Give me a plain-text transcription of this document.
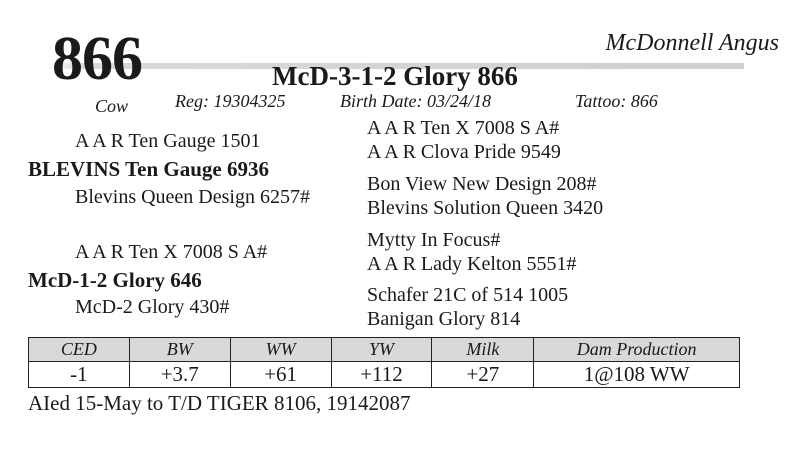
866	McDonnell Angus
McD-3-1-2 Glory 866
Cow	Reg: 19304325	Birth Date: 03/24/18	Tattoo: 866
A A R Ten Gauge 1501
BLEVINS Ten Gauge 6936
Blevins Queen Design 6257#
A A R Ten X 7008 S A#
A A R Clova Pride 9549
Bon View New Design 208#
Blevins Solution Queen 3420
A A R Ten X 7008 S A#
McD-1-2 Glory 646
McD-2 Glory 430#
Mytty In Focus#
A A R Lady Kelton 5551#
Schafer 21C of 514 1005
Banigan Glory 814
CED	BW	WW	YW	Milk	Dam Production
-1	+3.7	+61	+112	+27	1@108 WW
AIed 15-May to T/D TIGER 8106, 19142087
